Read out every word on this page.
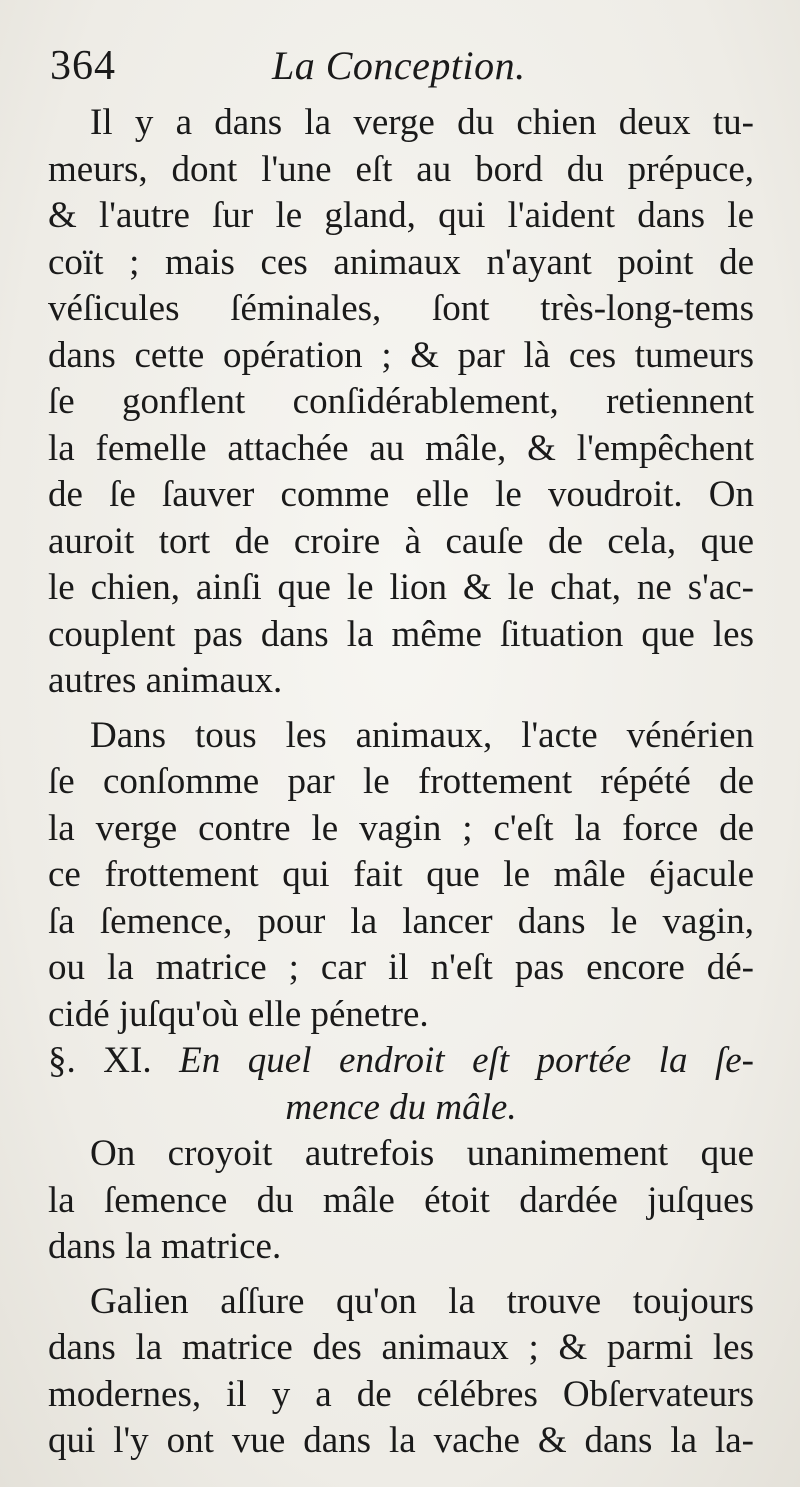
364	La Conception.
Il y a dans la verge du chien deux tu-
meurs, dont l'une eſt au bord du prépuce,
& l'autre ſur le gland, qui l'aident dans le
coït ; mais ces animaux n'ayant point de
véſicules ſéminales, ſont très-long-tems
dans cette opération ; & par là ces tumeurs
ſe gonflent conſidérablement, retiennent
la femelle attachée au mâle, & l'empêchent
de ſe ſauver comme elle le voudroit. On
auroit tort de croire à cauſe de cela, que
le chien, ainſi que le lion & le chat, ne s'ac-
couplent pas dans la même ſituation que les
autres animaux.
Dans tous les animaux, l'acte vénérien
ſe conſomme par le frottement répété de
la verge contre le vagin ; c'eſt la force de
ce frottement qui fait que le mâle éjacule
ſa ſemence, pour la lancer dans le vagin,
ou la matrice ; car il n'eſt pas encore dé-
cidé juſqu'où elle pénetre.
§. XI. En quel endroit eſt portée la ſe-
mence du mâle.
On croyoit autrefois unanimement que
la ſemence du mâle étoit dardée juſques
dans la matrice.
Galien aſſure qu'on la trouve toujours
dans la matrice des animaux ; & parmi les
modernes, il y a de célébres Obſervateurs
qui l'y ont vue dans la vache & dans la la-
